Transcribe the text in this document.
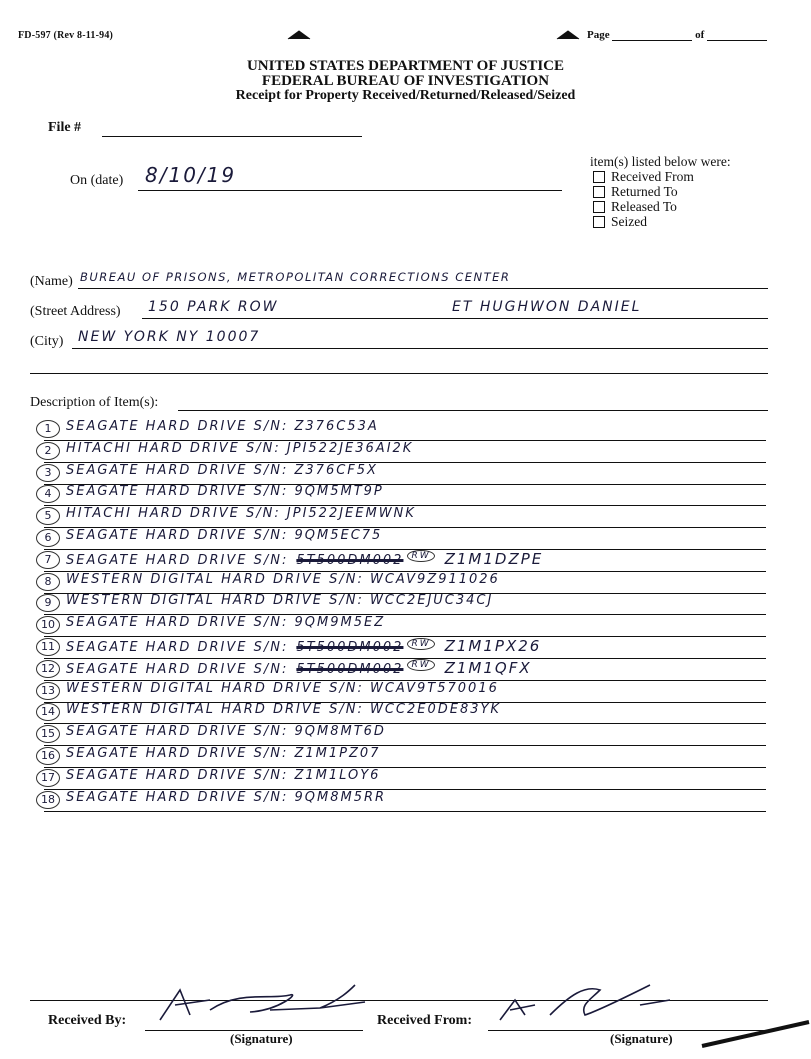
FD-597 (Rev 8-11-94)	Page	of
UNITED STATES DEPARTMENT OF JUSTICE
FEDERAL BUREAU OF INVESTIGATION
Receipt for Property Received/Returned/Released/Seized
File #
On (date) 8/10/19
item(s) listed below were:
Received From
Returned To
Released To
Seized
(Name) BUREAU OF PRISONS, METROPOLITAN CORRECTIONS CENTER
(Street Address) 150 PARK ROW	ET HUGHWON DANIEL
(City) NEW YORK NY 10007
Description of Item(s):
1	SEAGATE HARD DRIVE S/N: Z376C53A
2	HITACHI HARD DRIVE S/N: JPI522JE36AI2K
3	SEAGATE HARD DRIVE S/N: Z376CF5X
4	SEAGATE HARD DRIVE S/N: 9QM5MT9P
5	HITACHI HARD DRIVE S/N: JPI522JEEMWNK
6	SEAGATE HARD DRIVE S/N: 9QM5EC75
7	SEAGATE HARD DRIVE S/N: 5T500DM002 $^{RW}$ Z1M1DZPE
8	WESTERN DIGITAL HARD DRIVE S/N: WCAV9Z911026
9	WESTERN DIGITAL HARD DRIVE S/N: WCC2EJUC34CJ
10 SEAGATE HARD DRIVE S/N: 9QM9M5EZ
11 SEAGATE HARD DRIVE S/N: 5T500DM002 $^{RW}$ Z1M1PX26
12 SEAGATE HARD DRIVE S/N: 5T500DM002 $^{RW}$ Z1M1QFX
13 WESTERN DIGITAL HARD DRIVE S/N: WCAV9T570016
14 WESTERN DIGITAL HARD DRIVE S/N: WCC2E0DE83YK
15 SEAGATE HARD DRIVE S/N: 9QM8MT6D
16 SEAGATE HARD DRIVE S/N: Z1M1PZ07
17 SEAGATE HARD DRIVE S/N: Z1M1LOY6
18 SEAGATE HARD DRIVE S/N: 9QM8M5RR
Received By:
(Signature)
Received From:
(Signature)
